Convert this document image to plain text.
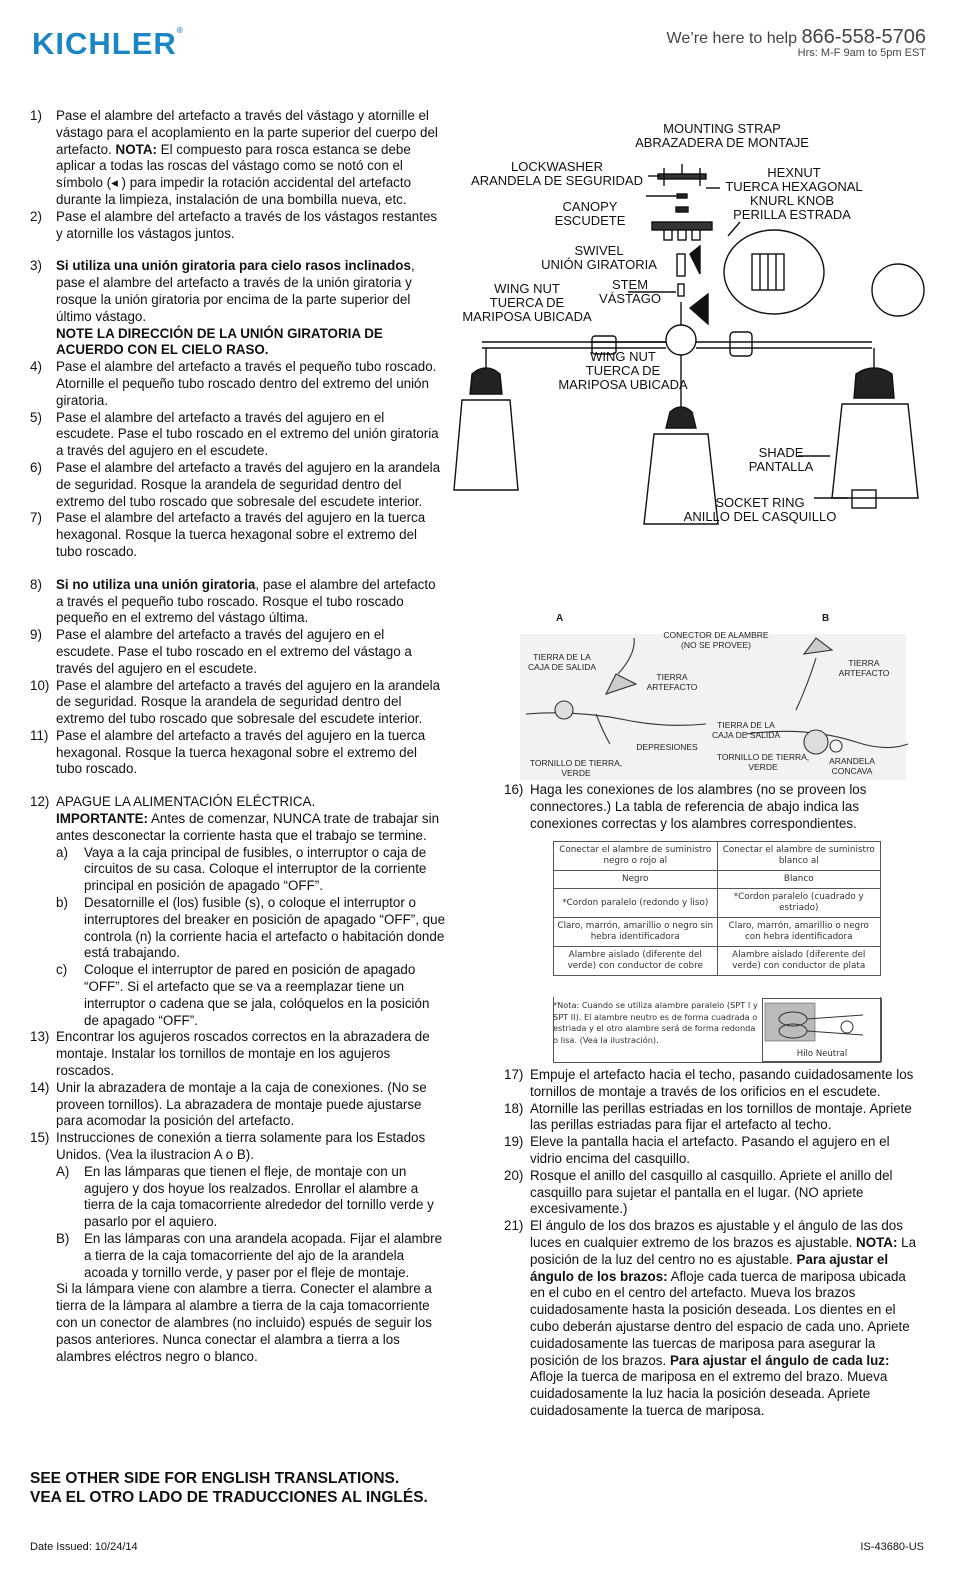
KICHLER®	We’re here to help 866-558-5706
Hrs: M-F 9am to 5pm EST
1)	Pase el alambre del artefacto a través del vástago y atornille el vástago para el acoplamiento en la parte superior del cuerpo del artefacto. NOTA: El compuesto para rosca estanca se debe aplicar a todas las roscas del vástago como se notó con el símbolo (◂ ) para impedir la rotación accidental del artefacto durante la limpieza, instalación de una bombilla nueva, etc.
2)	Pase el alambre del artefacto a través de los vástagos restantes y atornille los vástagos juntos.
3)	Si utiliza una unión giratoria para cielo rasos inclinados, pase el alambre del artefacto a través de la unión giratoria y rosque la unión giratoria por encima de la parte superior del último vástago.
NOTE LA DIRECCIÓN DE LA UNIÓN GIRATORIA DE ACUERDO CON EL CIELO RASO.
4)	Pase el alambre del artefacto a través el pequeño tubo roscado. Atornille el pequeño tubo roscado dentro del extremo del unión giratoria.
5)	Pase el alambre del artefacto a través del agujero en el escudete. Pase el tubo roscado en el extremo del unión giratoria a través del agujero en el escudete.
6)	Pase el alambre del artefacto a través del agujero en la arandela de seguridad. Rosque la arandela de seguridad dentro del extremo del tubo roscado que sobresale del escudete interior.
7)	Pase el alambre del artefacto a través del agujero en la tuerca hexagonal. Rosque la tuerca hexagonal sobre el extremo del tubo roscado.
8)	Si no utiliza una unión giratoria, pase el alambre del artefacto a través el pequeño tubo roscado. Rosque el tubo roscado pequeño en el extremo del vástago última.
9)	Pase el alambre del artefacto a través del agujero en el escudete. Pase el tubo roscado en el extremo del vástago a través del agujero en el escudete.
10) Pase el alambre del artefacto a través del agujero en la arandela de seguridad. Rosque la arandela de seguridad dentro del extremo del tubo roscado que sobresale del escudete interior.
11) Pase el alambre del artefacto a través del agujero en la tuerca hexagonal. Rosque la tuerca hexagonal sobre el extremo del tubo roscado.
12) APAGUE LA ALIMENTACIÓN ELÉCTRICA.
IMPORTANTE: Antes de comenzar, NUNCA trate de trabajar sin antes desconectar la corriente hasta que el trabajo se termine.
a)	Vaya a la caja principal de fusibles, o interruptor o caja de circuitos de su casa. Coloque el interruptor de la corriente principal en posición de apagado “OFF”.
b)	Desatornille el (los) fusible (s), o coloque el interruptor o interruptores del breaker en posición de apagado “OFF”, que controla (n) la corriente hacia el artefacto o habitación donde está trabajando.
c)	Coloque el interruptor de pared en posición de apagado “OFF”. Si el artefacto que se va a reemplazar tiene un interruptor o cadena que se jala, colóquelos en la posición de apagado “OFF”.
13) Encontrar los agujeros roscados correctos en la abrazadera de montaje. Instalar los tornillos de montaje en los agujeros roscados.
14) Unir la abrazadera de montaje a la caja de conexiones. (No se proveen tornillos). La abrazadera de montaje puede ajustarse para acomodar la posición del artefacto.
15) Instrucciones de conexión a tierra solamente para los Estados Unidos. (Vea la ilustracion A o B).
A)	En las lámparas que tienen el fleje, de montaje con un agujero y dos hoyue los realzados. Enrollar el alambre a tierra de la caja tomacorriente alrededor del tornillo verde y pasarlo por el aquiero.
B)	En las lámparas con una arandela acopada. Fijar el alambre a tierra de la caja tomacorriente del ajo de la arandela acoada y tornillo verde, y paser por el fleje de montaje.
Si la lámpara viene con alambre a tierra. Conecter el alambre a tierra de la lámpara al alambre a tierra de la caja tomacorriente con un conector de alambres (no incluido) espués de seguir los pasos anteriores. Nunca conectar el alambra a tierra a los alambres eléctros negro o blanco.
SEE OTHER SIDE FOR ENGLISH TRANSLATIONS.
VEA EL OTRO LADO DE TRADUCCIONES AL INGLÉS.
Date Issued: 10/24/14	IS-43680-US
MOUNTING STRAP
ABRAZADERA DE MONTAJE
LOCKWASHER
ARANDELA DE SEGURIDAD
HEXNUT
TUERCA HEXAGONAL
KNURL KNOB
PERILLA ESTRADA
CANOPY
ESCUDETE
SWIVEL
UNIÓN GIRATORIA
STEM
VÁSTAGO
WING NUT
TUERCA DE
MARIPOSA UBICADA
WING NUT
TUERCA DE
MARIPOSA UBICADA
SHADE
PANTALLA
SOCKET RING
ANILLO DEL CASQUILLO
A	B
CONECTOR DE ALAMBRE
(NO SE PROVEE)
TIERRA DE LA
CAJA DE SALIDA
TIERRA
ARTEFACTO
DEPRESIONES
TORNILLO DE TIERRA,
VERDE
TIERRA
ARTEFACTO
TIERRA DE LA
CAJA DE SALIDA
TORNILLO DE TIERRA,
VERDE
ARANDELA
CONCAVA
16) Haga les conexiones de los alambres (no se proveen los connectores.) La tabla de referencia de abajo indica las conexiones correctas y los alambres correspondientes.
Conectar el alambre de suministro negro o rojo al	Conectar el alambre de suministro blanco al
Negro	Blanco
*Cordon paralelo (redondo y liso)	*Cordon paralelo (cuadrado y estriado)
Claro, marrón, amarillio o negro sin hebra identificadora	Claro, marrón, amarillio o negro con hebra identificadora
Alambre aislado (diferente del verde) con conductor de cobre	Alambre aislado (diferente del verde) con conductor de plata
*Nota: Cuando se utiliza alambre paralelo (SPT I y SPT II). El alambre neutro es de forma cuadrada o estriada y el otro alambre será de forma redonda o lisa. (Vea la ilustración).
Hilo Neutral
17) Empuje el artefacto hacia el techo, pasando cuidadosamente los tornillos de montaje a través de los orificios en el escudete.
18) Atornille las perillas estriadas en los tornillos de montaje. Apriete las perillas estriadas para fijar el artefacto al techo.
19) Eleve la pantalla hacia el artefacto. Pasando el agujero en el vidrio encima del casquillo.
20) Rosque el anillo del casquillo al casquillo. Apriete el anillo del casquillo para sujetar el pantalla en el lugar. (NO apriete excesivamente.)
21) El ángulo de los dos brazos es ajustable y el ángulo de las dos luces en cualquier extremo de los brazos es ajustable. NOTA: La posición de la luz del centro no es ajustable. Para ajustar el ángulo de los brazos: Afloje cada tuerca de mariposa ubicada en el cubo en el centro del artefacto. Mueva los brazos cuidadosamente hasta la posición deseada. Los dientes en el cubo deberán ajustarse dentro del espacio de cada uno. Apriete cuidadosamente las tuercas de mariposa para asegurar la posición de los brazos. Para ajustar el ángulo de cada luz: Afloje la tuerca de mariposa en el extremo del brazo. Mueva cuidadosamente la luz hacia la posición deseada. Apriete cuidadosamente la tuerca de mariposa.
